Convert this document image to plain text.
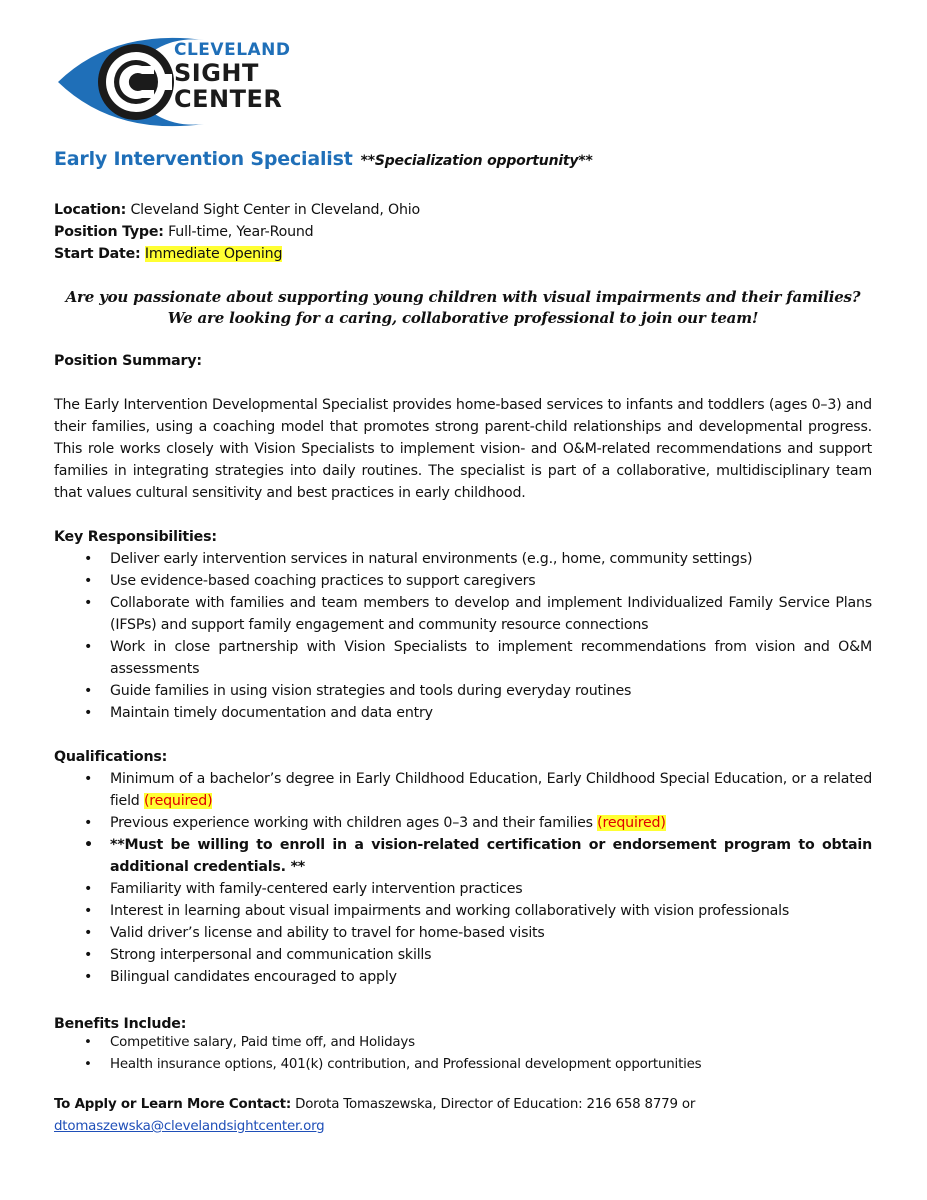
CLEVELAND
SIGHT
CENTER
Early Intervention Specialist **Specialization opportunity**
Location: Cleveland Sight Center in Cleveland, Ohio
Position Type: Full-time, Year-Round
Start Date: Immediate Opening
Are you passionate about supporting young children with visual impairments and their families?
We are looking for a caring, collaborative professional to join our team!
Position Summary:
The Early Intervention Developmental Specialist provides home-based services to infants and toddlers (ages 0–3) and their families, using a coaching model that promotes strong parent-child relationships and developmental progress. This role works closely with Vision Specialists to implement vision- and O&M-related recommendations and support families in integrating strategies into daily routines. The specialist is part of a collaborative, multidisciplinary team that values cultural sensitivity and best practices in early childhood.
Key Responsibilities:
• Deliver early intervention services in natural environments (e.g., home, community settings)
• Use evidence-based coaching practices to support caregivers
• Collaborate with families and team members to develop and implement Individualized Family Service Plans (IFSPs) and support family engagement and community resource connections
• Work in close partnership with Vision Specialists to implement recommendations from vision and O&M assessments
• Guide families in using vision strategies and tools during everyday routines
• Maintain timely documentation and data entry
Qualifications:
• Minimum of a bachelor’s degree in Early Childhood Education, Early Childhood Special Education, or a related field (required)
• Previous experience working with children ages 0–3 and their families (required)
• **Must be willing to enroll in a vision-related certification or endorsement program to obtain additional credentials. **
• Familiarity with family-centered early intervention practices
• Interest in learning about visual impairments and working collaboratively with vision professionals
• Valid driver’s license and ability to travel for home-based visits
• Strong interpersonal and communication skills
• Bilingual candidates encouraged to apply
Benefits Include:
• Competitive salary, Paid time off, and Holidays
• Health insurance options, 401(k) contribution, and Professional development opportunities
To Apply or Learn More Contact: Dorota Tomaszewska, Director of Education: 216 658 8779 or
dtomaszewska@clevelandsightcenter.org
